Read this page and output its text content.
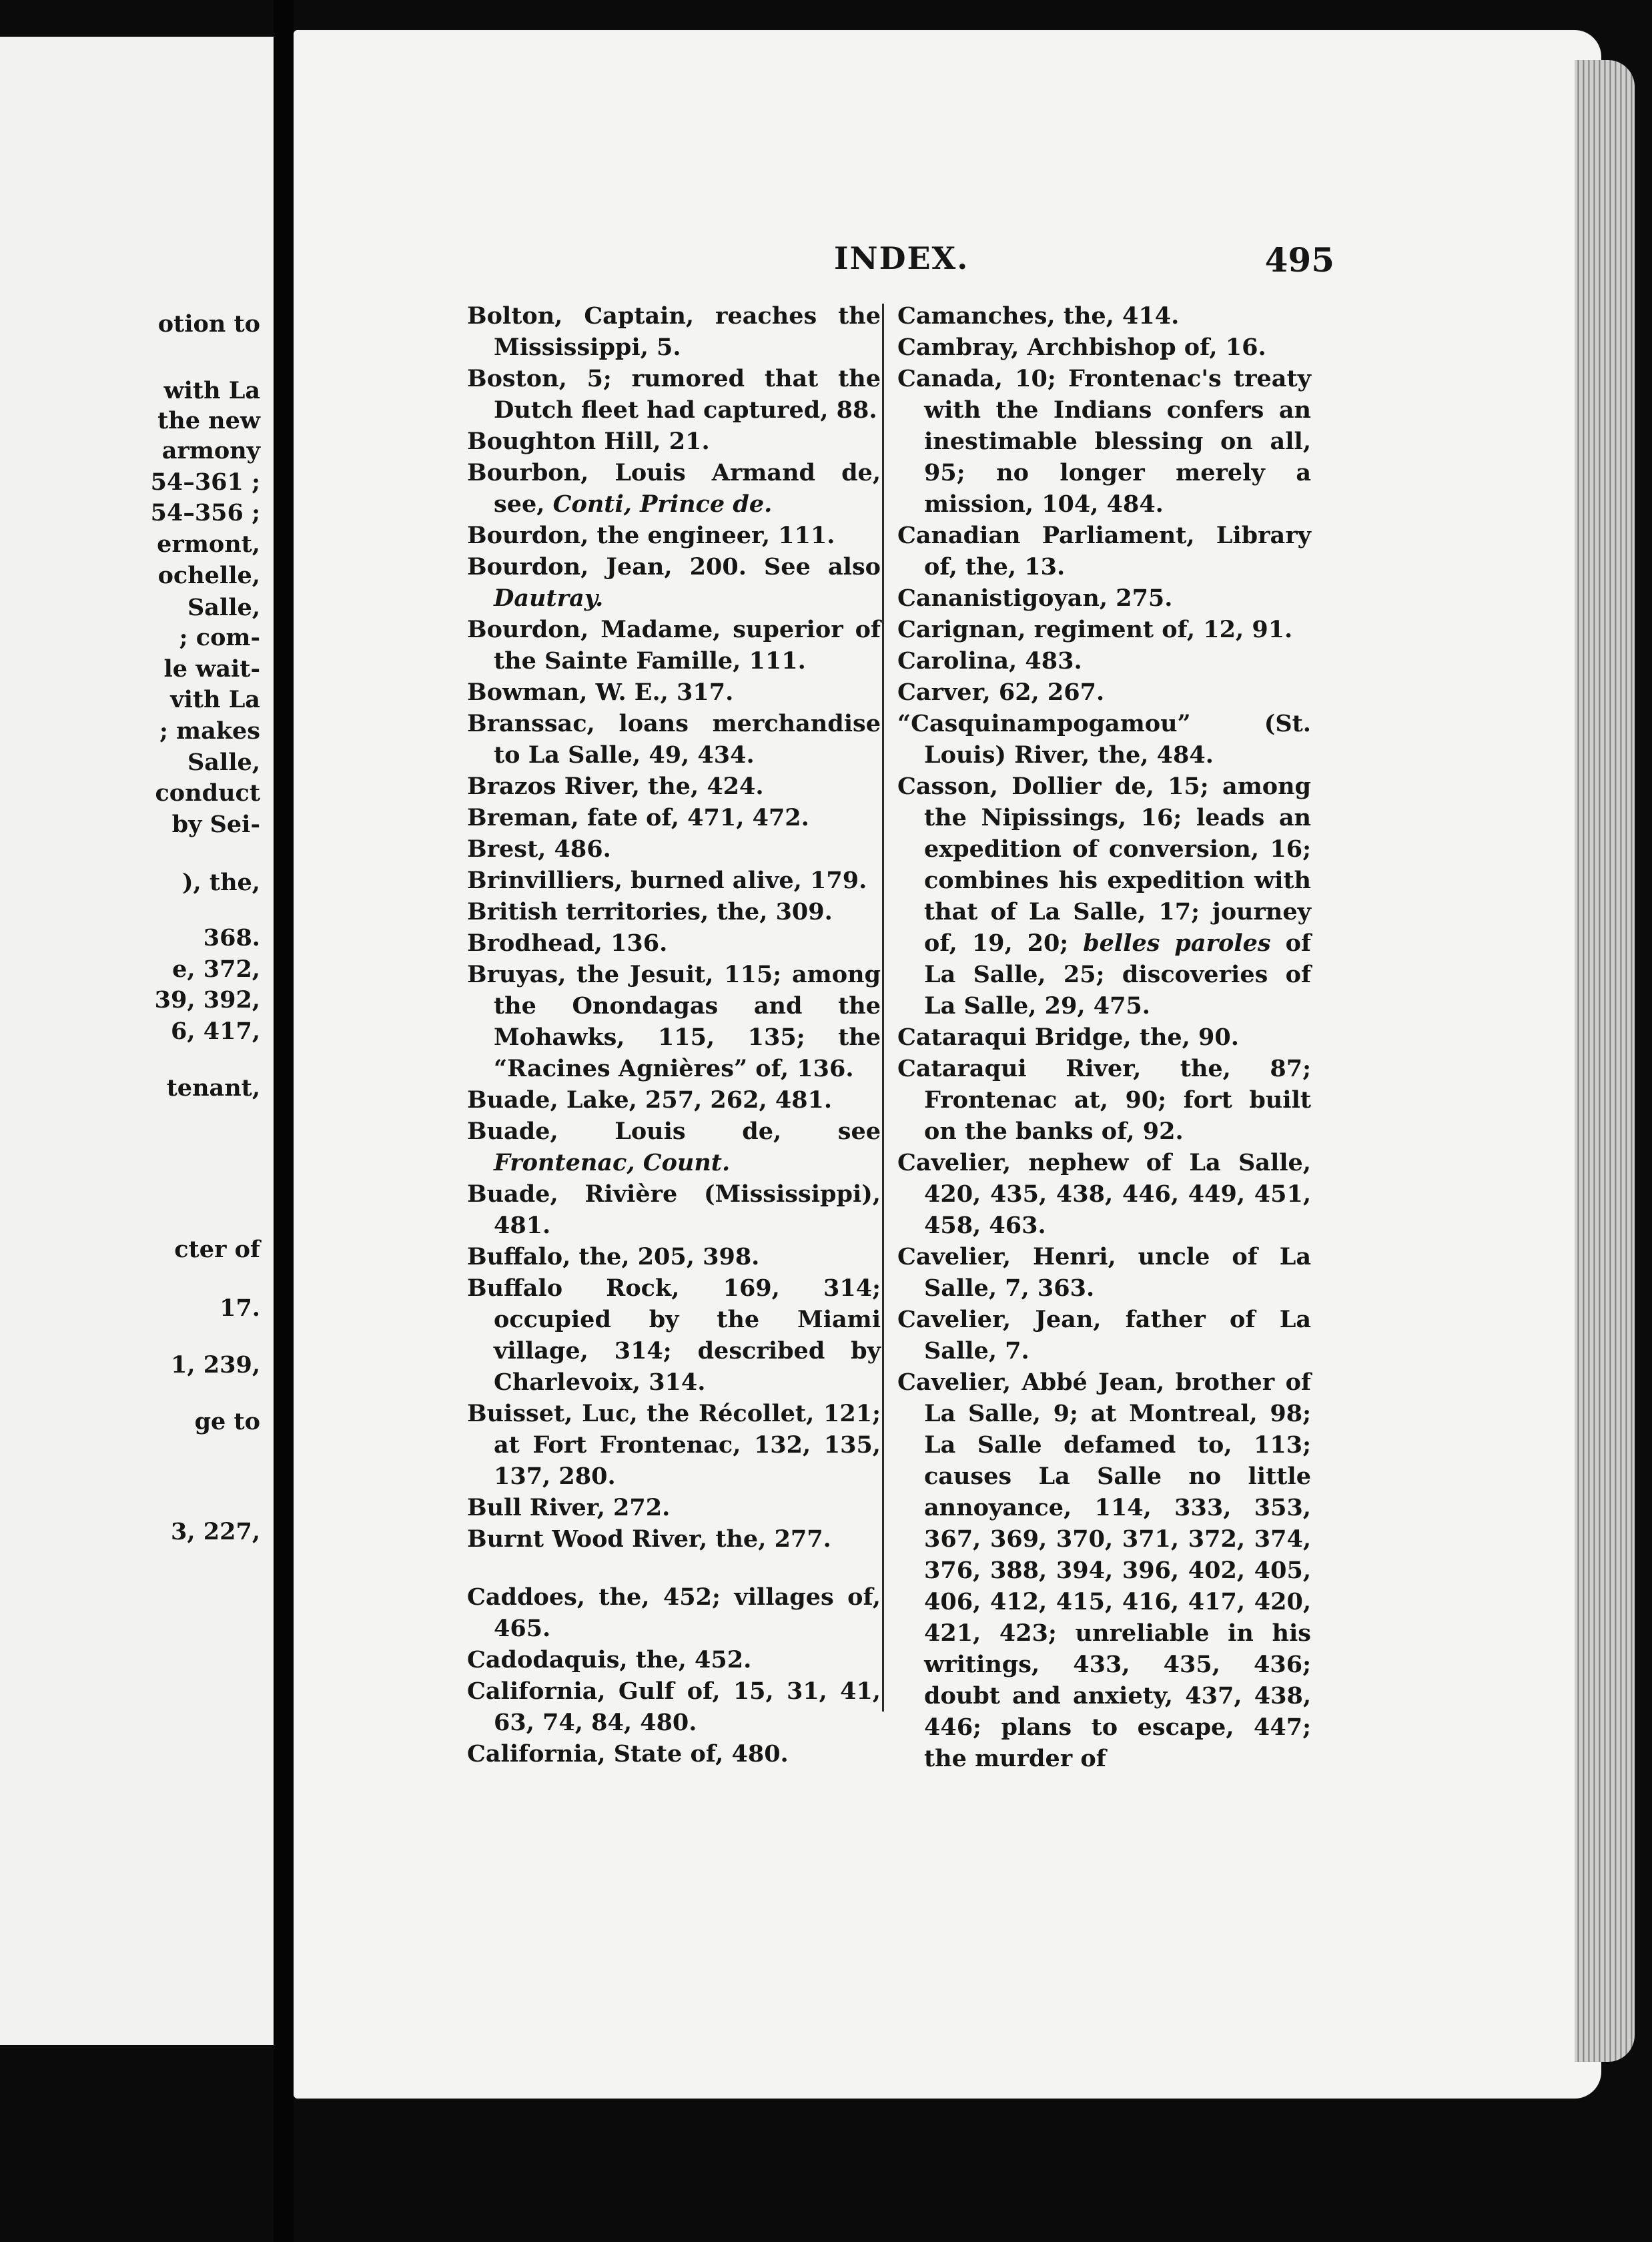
otion to
with La
the new
armony
54–361 ;
54–356 ;
ermont,
ochelle,
Salle,
; com-
le wait-
vith La
; makes
Salle,
conduct
by Sei-
), the,
368.
e, 372,
39, 392,
6, 417,
tenant,
cter of
17.
1, 239,
ge to
3, 227,
INDEX.	495

Bolton, Captain, reaches the Mississippi, 5.

Boston, 5; rumored that the Dutch fleet had captured, 88.

Boughton Hill, 21.

Bourbon, Louis Armand de, see, Conti, Prince de.

Bourdon, the engineer, 111.

Bourdon, Jean, 200. See also Dautray.

Bourdon, Madame, superior of the Sainte Famille, 111.

Bowman, W. E., 317.

Branssac, loans merchandise to La Salle, 49, 434.

Brazos River, the, 424.

Breman, fate of, 471, 472.

Brest, 486.

Brinvilliers, burned alive, 179.

British territories, the, 309.

Brodhead, 136.

Bruyas, the Jesuit, 115; among the Onondagas and the Mohawks, 115, 135; the “Racines Agnières” of, 136.

Buade, Lake, 257, 262, 481.

Buade, Louis de, see Frontenac, Count.

Buade, Rivière (Mississippi), 481.

Buffalo, the, 205, 398.

Buffalo Rock, 169, 314; occupied by the Miami village, 314; described by Charlevoix, 314.

Buisset, Luc, the Récollet, 121; at Fort Frontenac, 132, 135, 137, 280.

Bull River, 272.

Burnt Wood River, the, 277.

Caddoes, the, 452; villages of, 465.

Cadodaquis, the, 452.

California, Gulf of, 15, 31, 41, 63, 74, 84, 480.

California, State of, 480.

Camanches, the, 414.

Cambray, Archbishop of, 16.

Canada, 10; Frontenac's treaty with the Indians confers an inestimable blessing on all, 95; no longer merely a mission, 104, 484.

Canadian Parliament, Library of, the, 13.

Cananistigoyan, 275.

Carignan, regiment of, 12, 91.

Carolina, 483.

Carver, 62, 267.

“Casquinampogamou” (St. Louis) River, the, 484.

Casson, Dollier de, 15; among the Nipissings, 16; leads an expedition of conversion, 16; combines his expedition with that of La Salle, 17; journey of, 19, 20; belles paroles of La Salle, 25; discoveries of La Salle, 29, 475.

Cataraqui Bridge, the, 90.

Cataraqui River, the, 87; Frontenac at, 90; fort built on the banks of, 92.

Cavelier, nephew of La Salle, 420, 435, 438, 446, 449, 451, 458, 463.

Cavelier, Henri, uncle of La Salle, 7, 363.

Cavelier, Jean, father of La Salle, 7.

Cavelier, Abbé Jean, brother of La Salle, 9; at Montreal, 98; La Salle defamed to, 113; causes La Salle no little annoyance, 114, 333, 353, 367, 369, 370, 371, 372, 374, 376, 388, 394, 396, 402, 405, 406, 412, 415, 416, 417, 420, 421, 423; unreliable in his writings, 433, 435, 436; doubt and anxiety, 437, 438, 446; plans to escape, 447; the murder of
